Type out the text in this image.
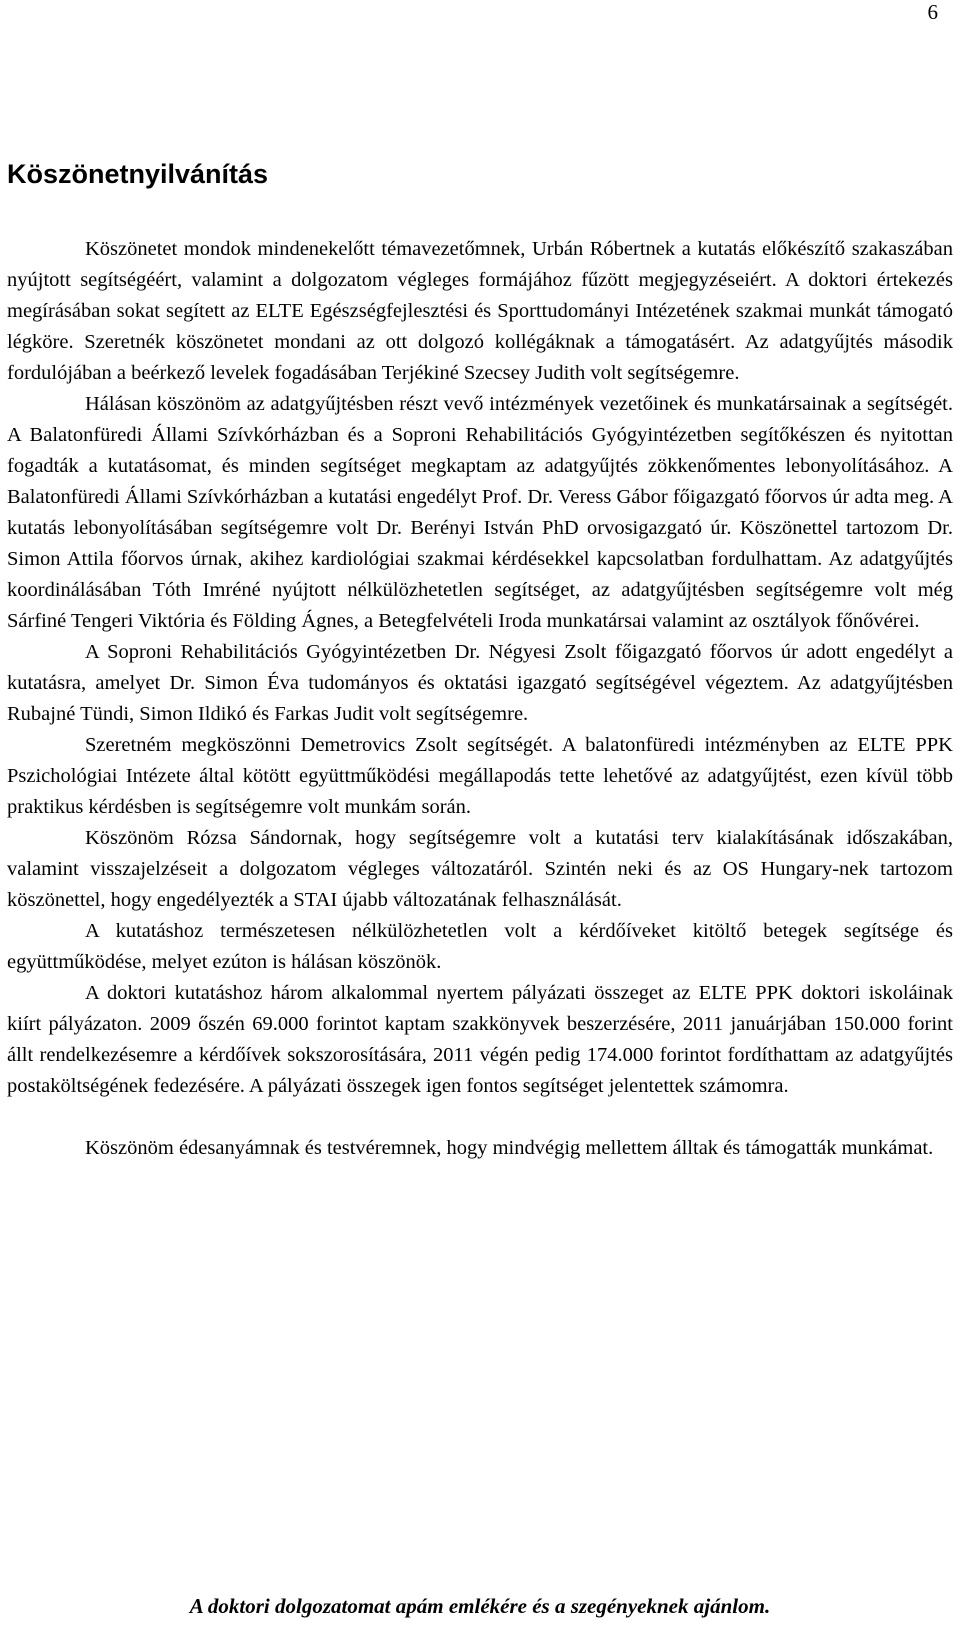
6
Köszönetnyilvánítás

Köszönetet mondok mindenekelőtt témavezetőmnek, Urbán Róbertnek a kutatás előkészítő szakaszában nyújtott segítségéért, valamint a dolgozatom végleges formájához fűzött megjegyzéseiért. A doktori értekezés megírásában sokat segített az ELTE Egészségfejlesztési és Sporttudományi Intézetének szakmai munkát támogató légköre. Szeretnék köszönetet mondani az ott dolgozó kollégáknak a támogatásért. Az adatgyűjtés második fordulójában a beérkező levelek fogadásában Terjékiné Szecsey Judith volt segítségemre.

Hálásan köszönöm az adatgyűjtésben részt vevő intézmények vezetőinek és munkatársainak a segítségét. A Balatonfüredi Állami Szívkórházban és a Soproni Rehabilitációs Gyógyintézetben segítőkészen és nyitottan fogadták a kutatásomat, és minden segítséget megkaptam az adatgyűjtés zökkenőmentes lebonyolításához. A Balatonfüredi Állami Szívkórházban a kutatási engedélyt Prof. Dr. Veress Gábor főigazgató főorvos úr adta meg. A kutatás lebonyolításában segítségemre volt Dr. Berényi István PhD orvosigazgató úr. Köszönettel tartozom Dr. Simon Attila főorvos úrnak, akihez kardiológiai szakmai kérdésekkel kapcsolatban fordulhattam. Az adatgyűjtés koordinálásában Tóth Imréné nyújtott nélkülözhetetlen segítséget, az adatgyűjtésben segítségemre volt még Sárfiné Tengeri Viktória és Földing Ágnes, a Betegfelvételi Iroda munkatársai valamint az osztályok főnővérei.

A Soproni Rehabilitációs Gyógyintézetben Dr. Négyesi Zsolt főigazgató főorvos úr adott engedélyt a kutatásra, amelyet Dr. Simon Éva tudományos és oktatási igazgató segítségével végeztem. Az adatgyűjtésben Rubajné Tündi, Simon Ildikó és Farkas Judit volt segítségemre.

Szeretném megköszönni Demetrovics Zsolt segítségét. A balatonfüredi intézményben az ELTE PPK Pszichológiai Intézete által kötött együttműködési megállapodás tette lehetővé az adatgyűjtést, ezen kívül több praktikus kérdésben is segítségemre volt munkám során.

Köszönöm Rózsa Sándornak, hogy segítségemre volt a kutatási terv kialakításának időszakában, valamint visszajelzéseit a dolgozatom végleges változatáról. Szintén neki és az OS Hungary-nek tartozom köszönettel, hogy engedélyezték a STAI újabb változatának felhasználását.

A kutatáshoz természetesen nélkülözhetetlen volt a kérdőíveket kitöltő betegek segítsége és együttműködése, melyet ezúton is hálásan köszönök.

A doktori kutatáshoz három alkalommal nyertem pályázati összeget az ELTE PPK doktori iskoláinak kiírt pályázaton. 2009 őszén 69.000 forintot kaptam szakkönyvek beszerzésére, 2011 januárjában 150.000 forint állt rendelkezésemre a kérdőívek sokszorosítására, 2011 végén pedig 174.000 forintot fordíthattam az adatgyűjtés postaköltségének fedezésére. A pályázati összegek igen fontos segítséget jelentettek számomra.

Köszönöm édesanyámnak és testvéremnek, hogy mindvégig mellettem álltak és támogatták munkámat.

A doktori dolgozatomat apám emlékére és a szegényeknek ajánlom.
